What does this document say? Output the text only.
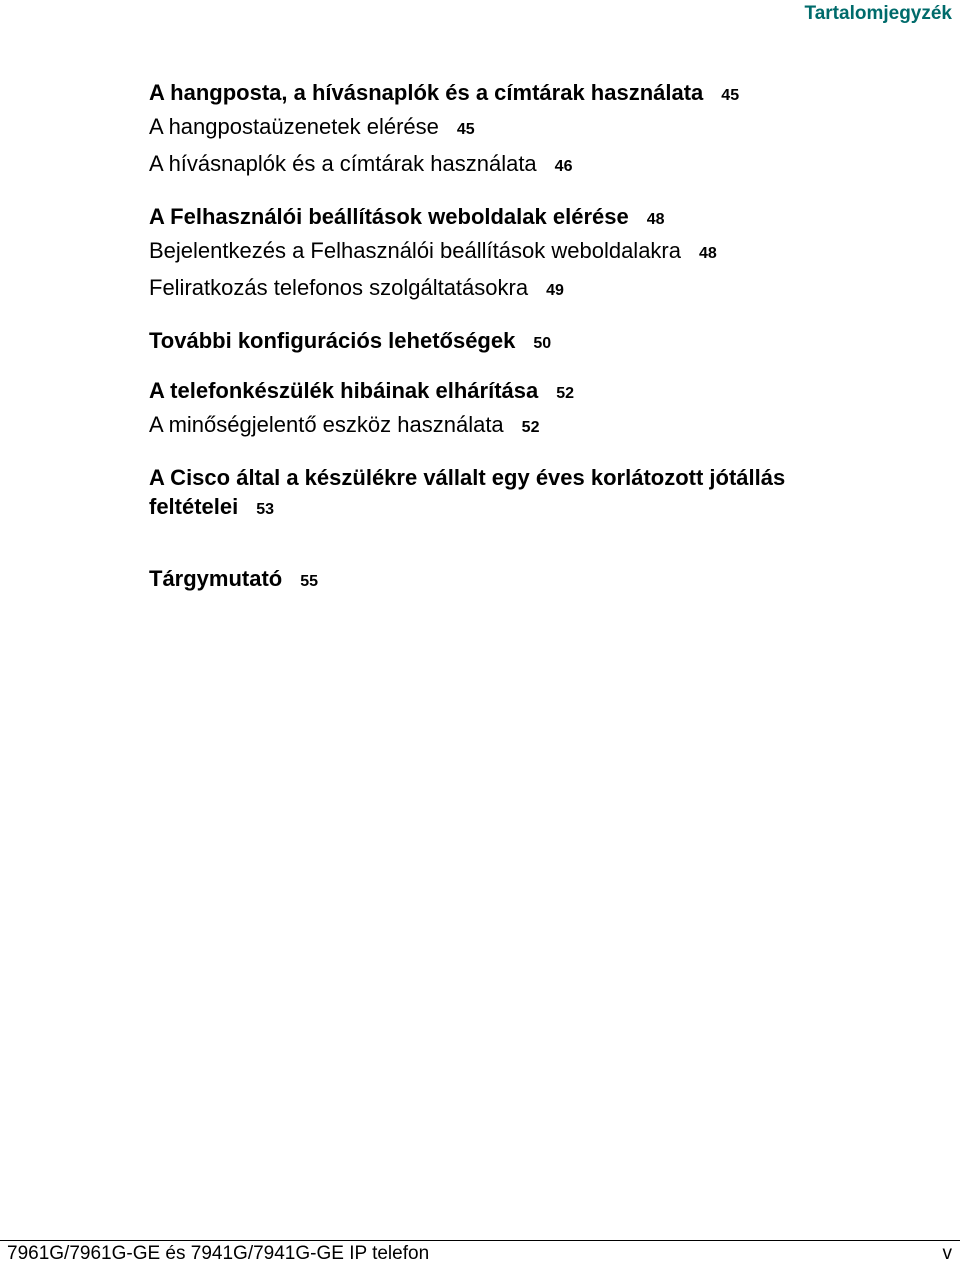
Tartalomjegyzék
A hangposta, a hívásnaplók és a címtárak használata 45
A hangpostaüzenetek elérése 45
A hívásnaplók és a címtárak használata 46
A Felhasználói beállítások weboldalak elérése 48
Bejelentkezés a Felhasználói beállítások weboldalakra 48
Feliratkozás telefonos szolgáltatásokra 49
További konfigurációs lehetőségek 50
A telefonkészülék hibáinak elhárítása 52
A minőségjelentő eszköz használata 52
A Cisco által a készülékre vállalt egy éves korlátozott jótállás feltételei 53
Tárgymutató 55
7961G/7961G-GE és 7941G/7941G-GE IP telefon	v
